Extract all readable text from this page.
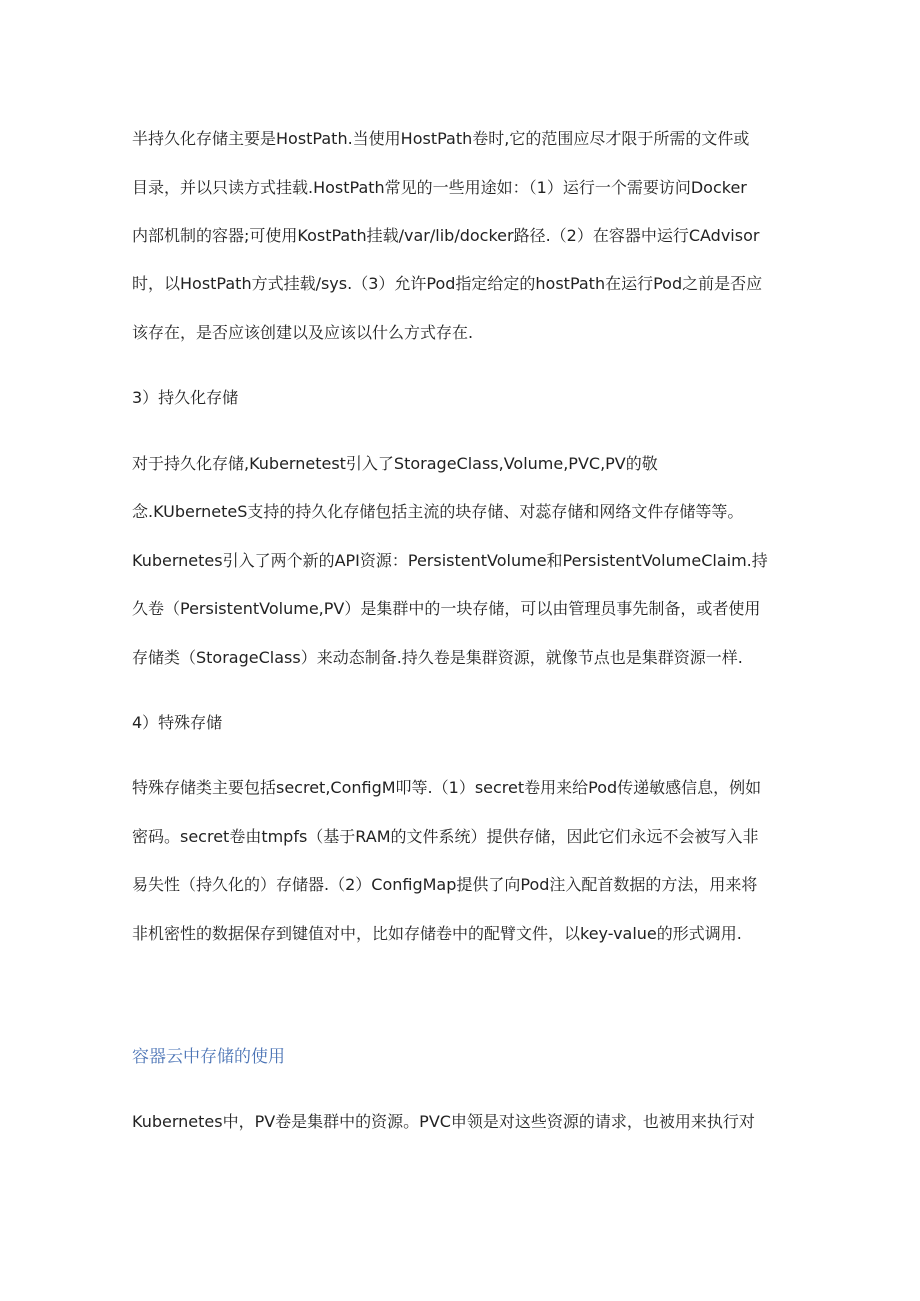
半持久化存储主要是HostPath.当使用HostPath卷时,它的范围应尽才限于所需的文件或
目录，并以只读方式挂载.HostPath常见的一些用途如：（1）运行一个需要访问Docker
内部机制的容器;可使用KostPath挂载/var/lib/docker路径.（2）在容器中运行CAdvisor
时，以HostPath方式挂载/sys.（3）允许Pod指定给定的hostPath在运行Pod之前是否应
该存在，是否应该创建以及应该以什么方式存在.
3）持久化存储
对于持久化存储,Kubernetest引入了StorageClass,Volume,PVC,PV的敬
念.KUberneteS支持的持久化存储包括主流的块存储、对蕊存储和网络文件存储等等。
Kubernetes引入了两个新的API资源：PersistentVolume和PersistentVolumeClaim.持
久卷（PersistentVolume,PV）是集群中的一块存储，可以由管理员事先制备，或者使用
存储类（StorageClass）来动态制备.持久卷是集群资源，就像节点也是集群资源一样.
4）特殊存储
特殊存储类主要包括secret,ConfigM叩等.（1）secret卷用来给Pod传递敏感信息，例如
密码。secret卷由tmpfs（基于RAM的文件系统）提供存储，因此它们永远不会被写入非
易失性（持久化的）存储器.（2）ConfigMap提供了向Pod注入配首数据的方法，用来将
非机密性的数据保存到键值对中，比如存储卷中的配臂文件，以key-value的形式调用.
容器云中存储的使用
Kubernetes中，PV卷是集群中的资源。PVC申领是对这些资源的请求，也被用来执行对
